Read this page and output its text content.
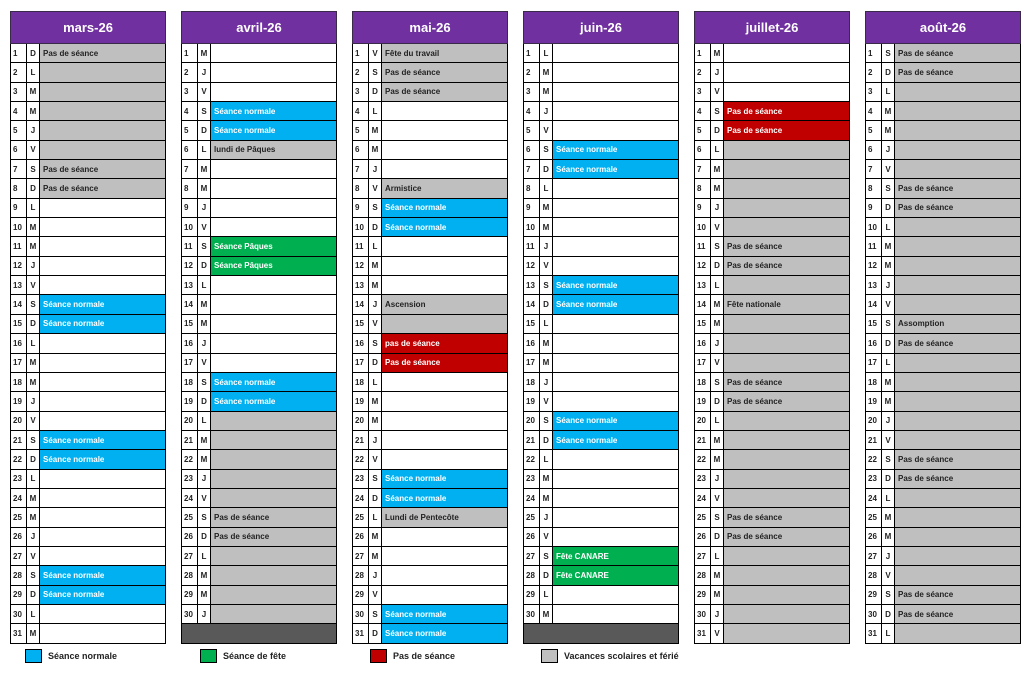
mars-26
1	D Pas de séance
2	L
3	M
4	M
5	J
6	V
7	S Pas de séance
8	D Pas de séance
9	L
10 M
11	M
12	J
13	V
14	S Séance normale
15	D Séance normale
16	L
17 M
18 M
19	J
20	V
21	S Séance normale
22	D Séance normale
23	L
24 M
25 M
26	J
27	V
28	S Séance normale
29	D Séance normale
30	L
31 M
avril-26
1	M
2	J
3	V
4	S Séance normale
5	D Séance normale
6	L lundi de Pâques
7	M
8	M
9	J
10	V
11	S Séance Pâques
12	D Séance Pâques
13	L
14 M
15 M
16	J
17	V
18	S Séance normale
19	D Séance normale
20	L
21 M
22 M
23	J
24	V
25	S Pas de séance
26	D Pas de séance
27	L
28 M
29 M
30	J
mai-26
1	V Fête du travail
2	S Pas de séance
3	D Pas de séance
4	L
5	M
6	M
7	J
8	V Armistice
9	S Séance normale
10	D Séance normale
11	L
12 M
13 M
14	J Ascension
15	V
16	S pas de séance
17	D Pas de séance
18	L
19 M
20 M
21	J
22	V
23	S Séance normale
24	D Séance normale
25	L Lundi de Pentecôte
26 M
27 M
28	J
29	V
30	S Séance normale
31	D Séance normale
juin-26
1	L
2	M
3	M
4	J
5	V
6	S Séance normale
7	D Séance normale
8	L
9	M
10 M
11	J
12	V
13	S Séance normale
14	D Séance normale
15	L
16 M
17 M
18	J
19	V
20	S Séance normale
21	D Séance normale
22	L
23 M
24 M
25	J
26	V
27	S Fête CANARE
28	D Fête CANARE
29	L
30 M
juillet-26
1	M
2	J
3	V
4	S Pas de séance
5	D Pas de séance
6	L
7	M
8	M
9	J
10	V
11	S Pas de séance
12	D Pas de séance
13	L
14 M Fête nationale
15 M
16	J
17	V
18	S Pas de séance
19	D Pas de séance
20	L
21 M
22 M
23	J
24	V
25	S Pas de séance
26	D Pas de séance
27	L
28 M
29 M
30	J
31	V
août-26
1	S Pas de séance
2	D Pas de séance
3	L
4	M
5	M
6	J
7	V
8	S Pas de séance
9	D Pas de séance
10	L
11	M
12 M
13	J
14	V
15	S Assomption
16	D Pas de séance
17	L
18 M
19 M
20	J
21	V
22	S Pas de séance
23	D Pas de séance
24	L
25 M
26 M
27	J
28	V
29	S Pas de séance
30	D Pas de séance
31	L
Séance normale	Séance de fête	Pas de séance	Vacances scolaires et férié
